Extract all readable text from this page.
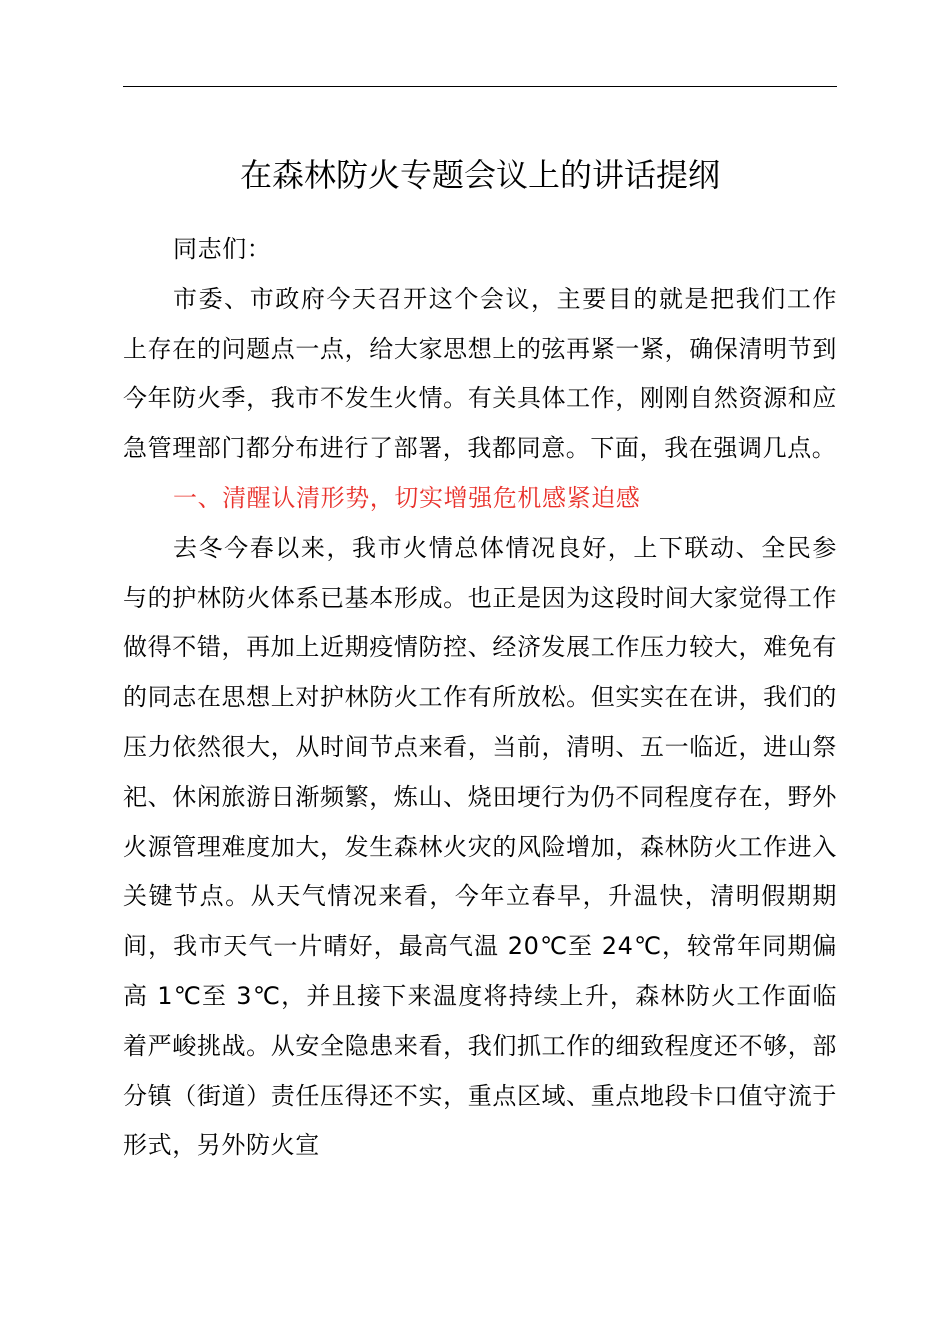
在森林防火专题会议上的讲话提纲

同志们：

市委、市政府今天召开这个会议，主要目的就是把我们工作上存在的问题点一点，给大家思想上的弦再紧一紧，确保清明节到今年防火季，我市不发生火情。有关具体工作，刚刚自然资源和应急管理部门都分布进行了部署，我都同意。下面，我在强调几点。

一、清醒认清形势，切实增强危机感紧迫感

去冬今春以来，我市火情总体情况良好，上下联动、全民参与的护林防火体系已基本形成。也正是因为这段时间大家觉得工作做得不错，再加上近期疫情防控、经济发展工作压力较大，难免有的同志在思想上对护林防火工作有所放松。但实实在在讲，我们的压力依然很大，从时间节点来看，当前，清明、五一临近，进山祭祀、休闲旅游日渐频繁，炼山、烧田埂行为仍不同程度存在，野外火源管理难度加大，发生森林火灾的风险增加，森林防火工作进入关键节点。从天气情况来看，今年立春早，升温快，清明假期期间，我市天气一片晴好，最高气温 20℃至 24℃，较常年同期偏高 1℃至 3℃，并且接下来温度将持续上升，森林防火工作面临着严峻挑战。从安全隐患来看，我们抓工作的细致程度还不够，部分镇（街道）责任压得还不实，重点区域、重点地段卡口值守流于形式，另外防火宣
